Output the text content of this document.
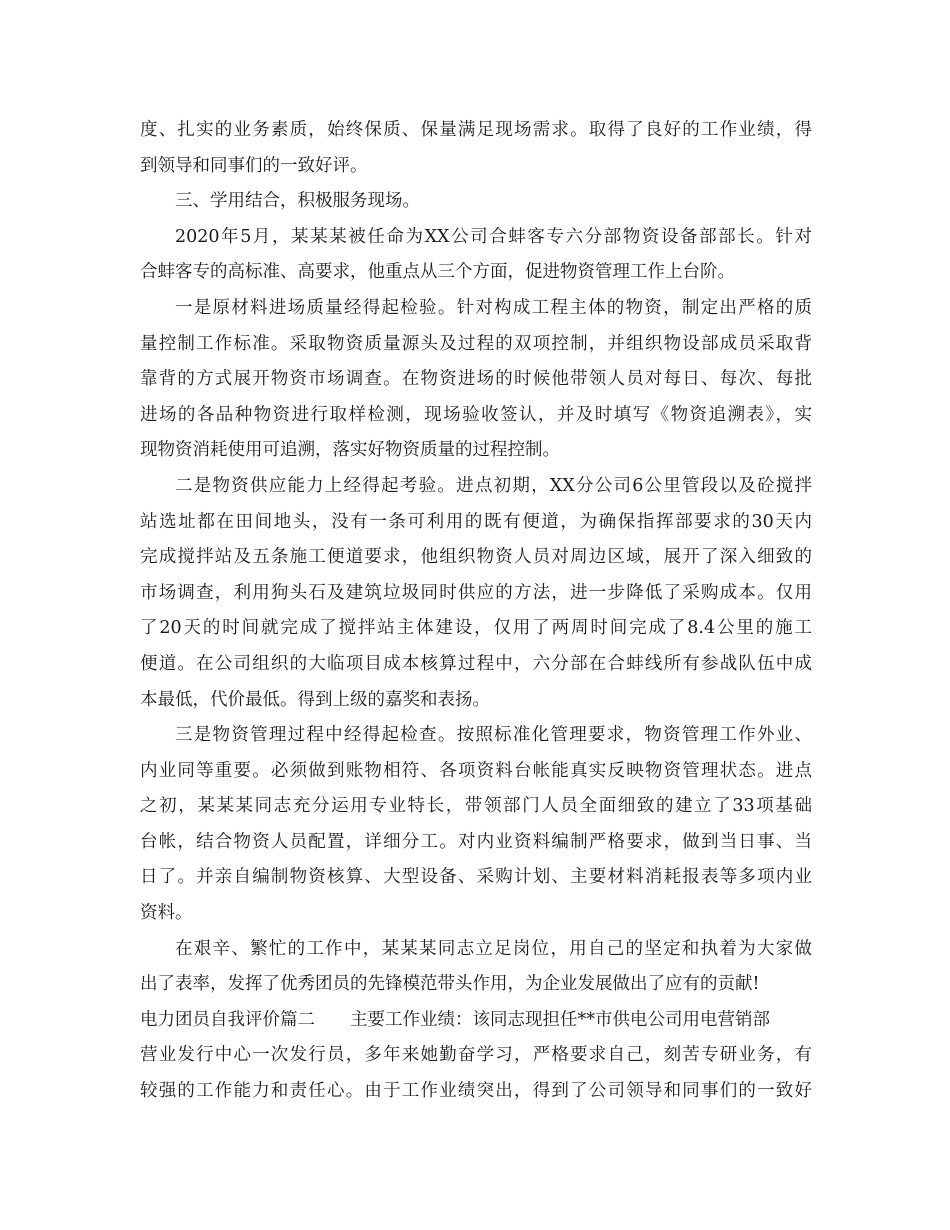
度、扎实的业务素质，始终保质、保量满足现场需求。取得了良好的工作业绩，得
到领导和同事们的一致好评。
三、学用结合，积极服务现场。
2020年5月，某某某被任命为XX公司合蚌客专六分部物资设备部部长。针对
合蚌客专的高标准、高要求，他重点从三个方面，促进物资管理工作上台阶。
一是原材料进场质量经得起检验。针对构成工程主体的物资，制定出严格的质
量控制工作标准。采取物资质量源头及过程的双项控制，并组织物设部成员采取背
靠背的方式展开物资市场调查。在物资进场的时候他带领人员对每日、每次、每批
进场的各品种物资进行取样检测，现场验收签认，并及时填写《物资追溯表》，实
现物资消耗使用可追溯，落实好物资质量的过程控制。
二是物资供应能力上经得起考验。进点初期，XX分公司6公里管段以及砼搅拌
站选址都在田间地头，没有一条可利用的既有便道，为确保指挥部要求的30天内
完成搅拌站及五条施工便道要求，他组织物资人员对周边区域，展开了深入细致的
市场调查，利用狗头石及建筑垃圾同时供应的方法，进一步降低了采购成本。仅用
了20天的时间就完成了搅拌站主体建设，仅用了两周时间完成了8.4公里的施工
便道。在公司组织的大临项目成本核算过程中，六分部在合蚌线所有参战队伍中成
本最低，代价最低。得到上级的嘉奖和表扬。
三是物资管理过程中经得起检查。按照标准化管理要求，物资管理工作外业、
内业同等重要。必须做到账物相符、各项资料台帐能真实反映物资管理状态。进点
之初，某某某同志充分运用专业特长，带领部门人员全面细致的建立了33项基础
台帐，结合物资人员配置，详细分工。对内业资料编制严格要求，做到当日事、当
日了。并亲自编制物资核算、大型设备、采购计划、主要材料消耗报表等多项内业
资料。
在艰辛、繁忙的工作中，某某某同志立足岗位，用自己的坚定和执着为大家做
出了表率，发挥了优秀团员的先锋模范带头作用，为企业发展做出了应有的贡献!
电力团员自我评价篇二　　主要工作业绩：该同志现担任**市供电公司用电营销部
营业发行中心一次发行员，多年来她勤奋学习，严格要求自己，刻苦专研业务，有
较强的工作能力和责任心。由于工作业绩突出，得到了公司领导和同事们的一致好
